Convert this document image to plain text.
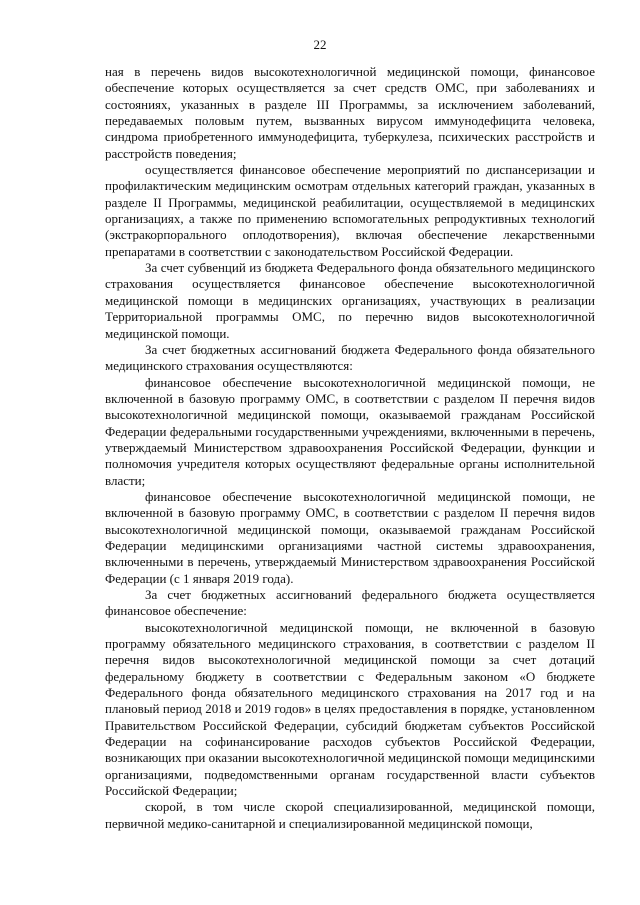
22

ная в перечень видов высокотехнологичной медицинской помощи, финансовое обеспечение которых осуществляется за счет средств ОМС, при заболеваниях и состояниях, указанных в разделе III Программы, за исключением заболеваний, передаваемых половым путем, вызванных вирусом иммунодефицита человека, синдрома приобретенного иммунодефицита, туберкулеза, психических расстройств и расстройств поведения;

осуществляется финансовое обеспечение мероприятий по диспансеризации и профилактическим медицинским осмотрам отдельных категорий граждан, указанных в разделе II Программы, медицинской реабилитации, осуществляемой в медицинских организациях, а также по применению вспомогательных репродуктивных технологий (экстракорпорального оплодотворения), включая обеспечение лекарственными препаратами в соответствии с законодательством Российской Федерации.

За счет субвенций из бюджета Федерального фонда обязательного медицинского страхования осуществляется финансовое обеспечение высокотехнологичной медицинской помощи в медицинских организациях, участвующих в реализации Территориальной программы ОМС, по перечню видов высокотехнологичной медицинской помощи.

За счет бюджетных ассигнований бюджета Федерального фонда обязательного медицинского страхования осуществляются:

финансовое обеспечение высокотехнологичной медицинской помощи, не включенной в базовую программу ОМС, в соответствии с разделом II перечня видов высокотехнологичной медицинской помощи, оказываемой гражданам Российской Федерации федеральными государственными учреждениями, включенными в перечень, утверждаемый Министерством здравоохранения Российской Федерации, функции и полномочия учредителя которых осуществляют федеральные органы исполнительной власти;

финансовое обеспечение высокотехнологичной медицинской помощи, не включенной в базовую программу ОМС, в соответствии с разделом II перечня видов высокотехнологичной медицинской помощи, оказываемой гражданам Российской Федерации медицинскими организациями частной системы здравоохранения, включенными в перечень, утверждаемый Министерством здравоохранения Российской Федерации (с 1 января 2019 года).

За счет бюджетных ассигнований федерального бюджета осуществляется финансовое обеспечение:

высокотехнологичной медицинской помощи, не включенной в базовую программу обязательного медицинского страхования, в соответствии с разделом II перечня видов высокотехнологичной медицинской помощи за счет дотаций федеральному бюджету в соответствии с Федеральным законом «О бюджете Федерального фонда обязательного медицинского страхования на 2017 год и на плановый период 2018 и 2019 годов» в целях предоставления в порядке, установленном Правительством Российской Федерации, субсидий бюджетам субъектов Российской Федерации на софинансирование расходов субъектов Российской Федерации, возникающих при оказании высокотехнологичной медицинской помощи медицинскими организациями, подведомственными органам государственной власти субъектов Российской Федерации;

скорой, в том числе скорой специализированной, медицинской помощи, первичной медико-санитарной и специализированной медицинской помощи,
